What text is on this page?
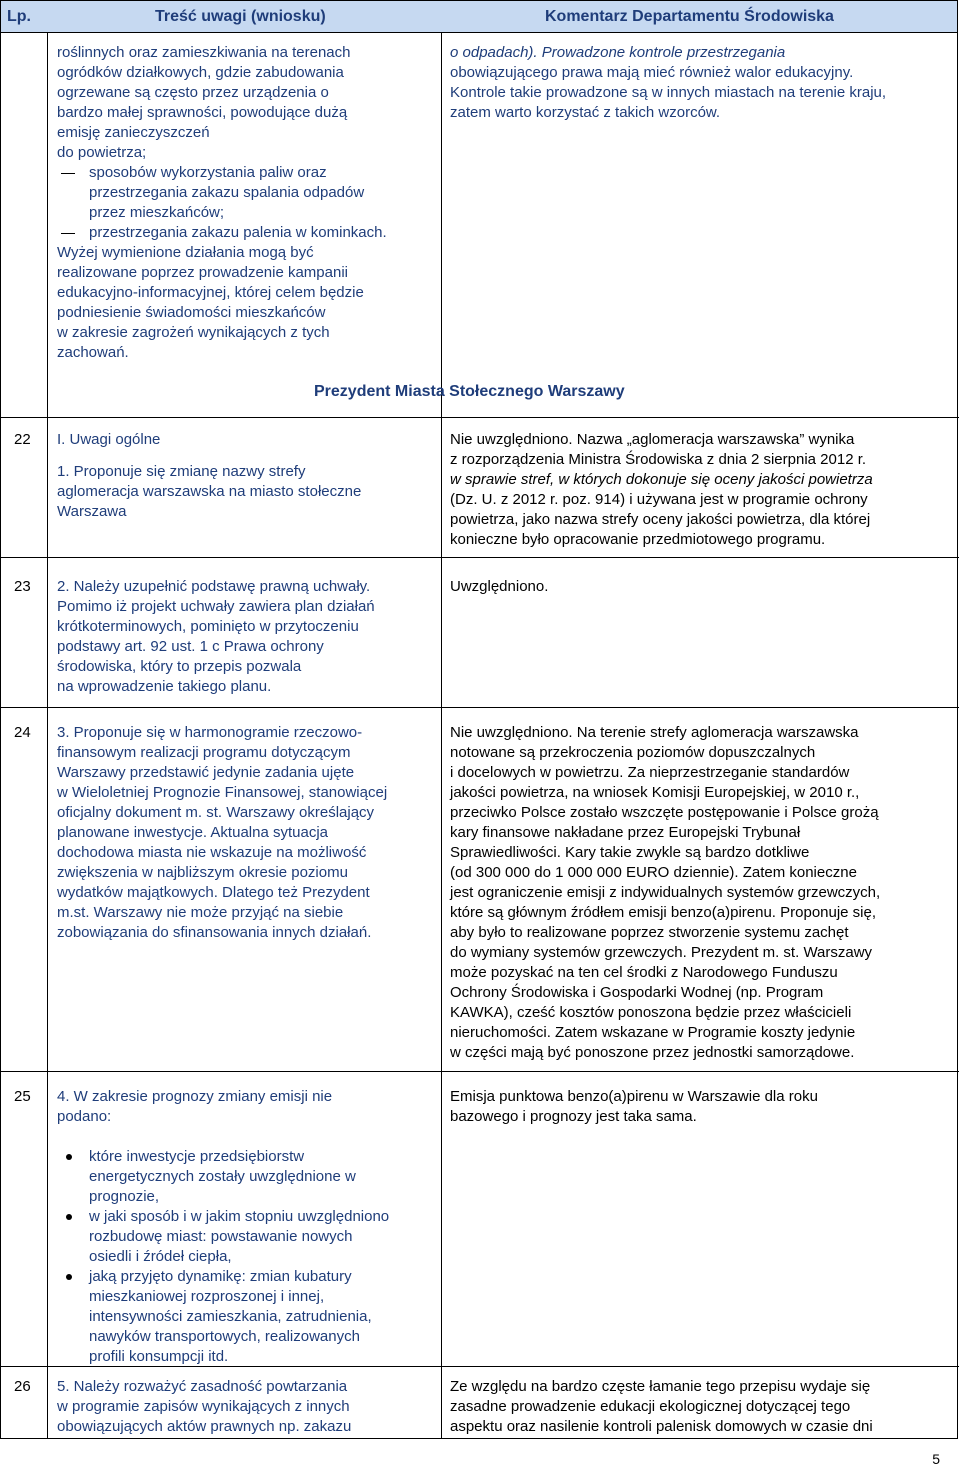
Lp.	Treść uwagi (wniosku)	Komentarz Departamentu Środowiska
roślinnych oraz zamieszkiwania na terenach
ogródków działkowych, gdzie zabudowania
ogrzewane są często przez urządzenia o
bardzo małej sprawności, powodujące dużą
emisję zanieczyszczeń
do powietrza;
sposobów wykorzystania paliw oraz
przestrzegania zakazu spalania odpadów
przez mieszkańców;
przestrzegania zakazu palenia w kominkach.
Wyżej wymienione działania mogą być
realizowane poprzez prowadzenie kampanii
edukacyjno-informacyjnej, której celem będzie
podniesienie świadomości mieszkańców
w zakresie zagrożeń wynikających z tych
zachowań.
o odpadach). Prowadzone kontrole przestrzegania
obowiązującego prawa mają mieć również walor edukacyjny.
Kontrole takie prowadzone są w innych miastach na terenie kraju,
zatem warto korzystać z takich wzorców.
Prezydent Miasta Stołecznego Warszawy
22 I. Uwagi ogólne
1. Proponuje się zmianę nazwy strefy
aglomeracja warszawska na miasto stołeczne
Warszawa
Nie uwzględniono. Nazwa „aglomeracja warszawska” wynika
z rozporządzenia Ministra Środowiska z dnia 2 sierpnia 2012 r.
w sprawie stref, w których dokonuje się oceny jakości powietrza
(Dz. U. z 2012 r. poz. 914) i używana jest w programie ochrony
powietrza, jako nazwa strefy oceny jakości powietrza, dla której
konieczne było opracowanie przedmiotowego programu.
23 2. Należy uzupełnić podstawę prawną uchwały.
Pomimo iż projekt uchwały zawiera plan działań
krótkoterminowych, pominięto w przytoczeniu
podstawy art. 92 ust. 1 c Prawa ochrony
środowiska, który to przepis pozwala
na wprowadzenie takiego planu.
Uwzględniono.
24 3. Proponuje się w harmonogramie rzeczowo-
finansowym realizacji programu dotyczącym
Warszawy przedstawić jedynie zadania ujęte
w Wieloletniej Prognozie Finansowej, stanowiącej
oficjalny dokument m. st. Warszawy określający
planowane inwestycje. Aktualna sytuacja
dochodowa miasta nie wskazuje na możliwość
zwiększenia w najbliższym okresie poziomu
wydatków majątkowych. Dlatego też Prezydent
m.st. Warszawy nie może przyjąć na siebie
zobowiązania do sfinansowania innych działań.
Nie uwzględniono. Na terenie strefy aglomeracja warszawska
notowane są przekroczenia poziomów dopuszczalnych
i docelowych w powietrzu. Za nieprzestrzeganie standardów
jakości powietrza, na wniosek Komisji Europejskiej, w 2010 r.,
przeciwko Polsce zostało wszczęte postępowanie i Polsce grożą
kary finansowe nakładane przez Europejski Trybunał
Sprawiedliwości. Kary takie zwykle są bardzo dotkliwe
(od 300 000 do 1 000 000 EURO dziennie). Zatem konieczne
jest ograniczenie emisji z indywidualnych systemów grzewczych,
które są głównym źródłem emisji benzo(a)pirenu. Proponuje się,
aby było to realizowane poprzez stworzenie systemu zachęt
do wymiany systemów grzewczych. Prezydent m. st. Warszawy
może pozyskać na ten cel środki z Narodowego Funduszu
Ochrony Środowiska i Gospodarki Wodnej (np. Program
KAWKA), cześć kosztów ponoszona będzie przez właścicieli
nieruchomości. Zatem wskazane w Programie koszty jedynie
w części mają być ponoszone przez jednostki samorządowe.
25 4. W zakresie prognozy zmiany emisji nie
podano:
które inwestycje przedsiębiorstw
energetycznych zostały uwzględnione w
prognozie,
w jaki sposób i w jakim stopniu uwzględniono
rozbudowę miast: powstawanie nowych
osiedli i źródeł ciepła,
jaką przyjęto dynamikę: zmian kubatury
mieszkaniowej rozproszonej i innej,
intensywności zamieszkania, zatrudnienia,
nawyków transportowych, realizowanych
profili konsumpcji itd.
Emisja punktowa benzo(a)pirenu w Warszawie dla roku
bazowego i prognozy jest taka sama.
26 5. Należy rozważyć zasadność powtarzania
w programie zapisów wynikających z innych
obowiązujących aktów prawnych np. zakazu
Ze względu na bardzo częste łamanie tego przepisu wydaje się
zasadne prowadzenie edukacji ekologicznej dotyczącej tego
aspektu oraz nasilenie kontroli palenisk domowych w czasie dni
5
